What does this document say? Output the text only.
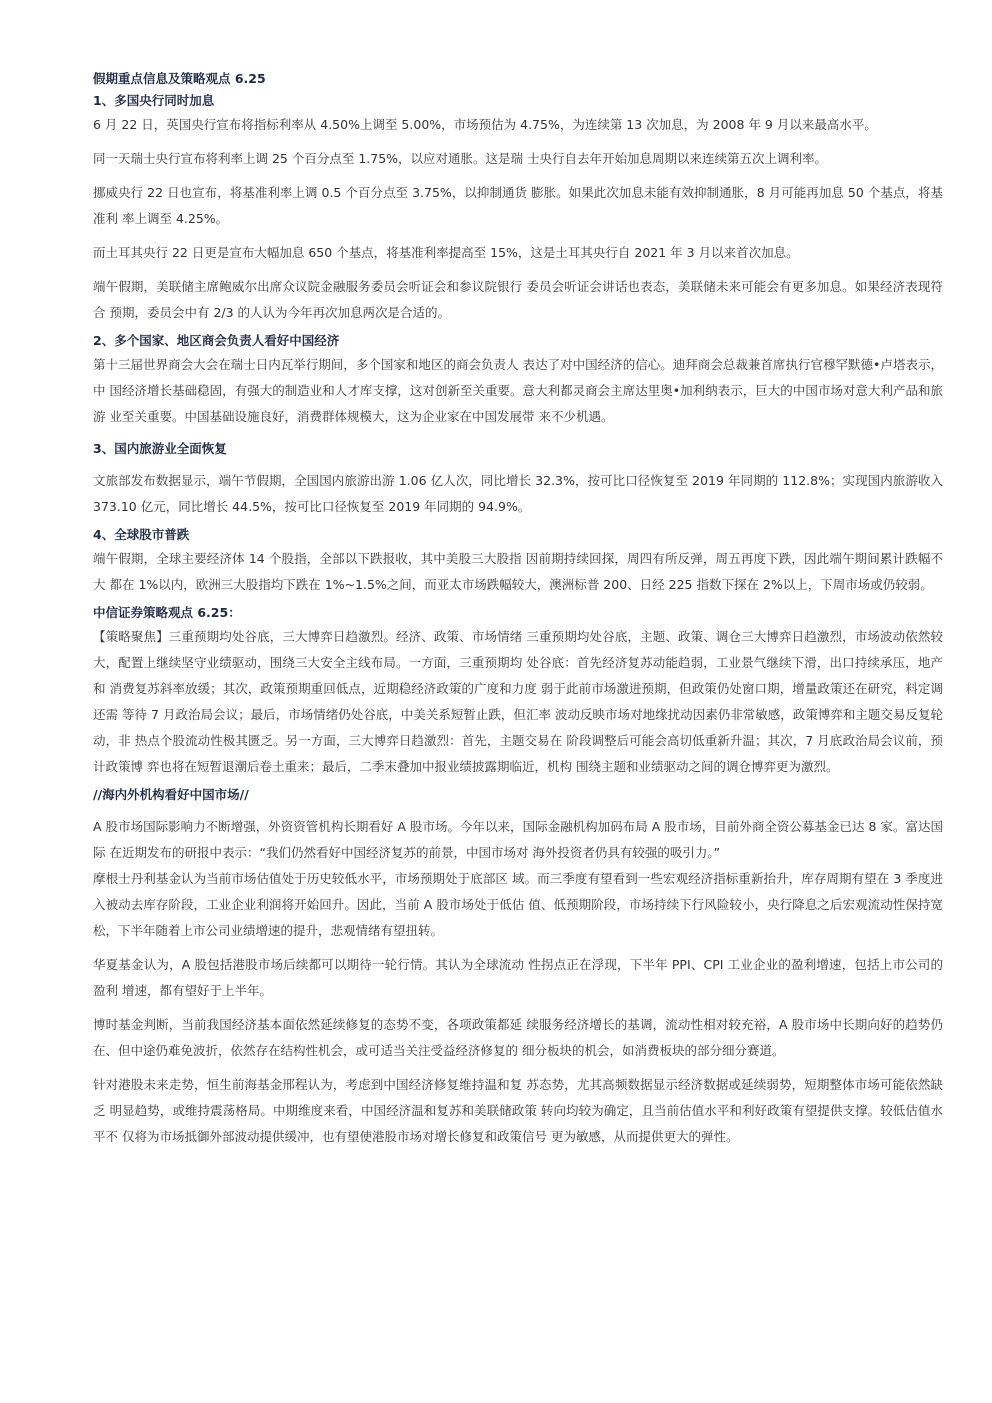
假期重点信息及策略观点 6.25
1、多国央行同时加息

6 月 22 日，英国央行宣布将指标利率从 4.50%上调至 5.00%，市场预估为 4.75%，为连续第 13 次加息，为 2008 年 9 月以来最高水平。

同一天瑞士央行宣布将利率上调 25 个百分点至 1.75%，以应对通胀。这是瑞 士央行自去年开始加息周期以来连续第五次上调利率。

挪威央行 22 日也宣布，将基准利率上调 0.5 个百分点至 3.75%，以抑制通货 膨胀。如果此次加息未能有效抑制通胀，8 月可能再加息 50 个基点，将基准利 率上调至 4.25%。

而土耳其央行 22 日更是宣布大幅加息 650 个基点，将基准利率提高至 15%，这是土耳其央行自 2021 年 3 月以来首次加息。

端午假期，美联储主席鲍威尔出席众议院金融服务委员会听证会和参议院银行 委员会听证会讲话也表态，美联储未来可能会有更多加息。如果经济表现符合 预期，委员会中有 2/3 的人认为今年再次加息两次是合适的。

2、多个国家、地区商会负责人看好中国经济

第十三届世界商会大会在瑞士日内瓦举行期间，多个国家和地区的商会负责人 表达了对中国经济的信心。迪拜商会总裁兼首席执行官穆罕默德•卢塔表示，中 国经济增长基础稳固，有强大的制造业和人才库支撑，这对创新至关重要。意大利都灵商会主席达里奥•加利纳表示，巨大的中国市场对意大利产品和旅游 业至关重要。中国基础设施良好，消费群体规模大，这为企业家在中国发展带 来不少机遇。

3、国内旅游业全面恢复

文旅部发布数据显示，端午节假期，全国国内旅游出游 1.06 亿人次，同比增长 32.3%，按可比口径恢复至 2019 年同期的 112.8%；实现国内旅游收入 373.10 亿元，同比增长 44.5%，按可比口径恢复至 2019 年同期的 94.9%。

4、全球股市普跌

端午假期，全球主要经济体 14 个股指，全部以下跌报收，其中美股三大股指 因前期持续回探，周四有所反弹，周五再度下跌，因此端午期间累计跌幅不大 都在 1%以内，欧洲三大股指均下跌在 1%~1.5%之间，而亚太市场跌幅较大，澳洲标普 200、日经 225 指数下探在 2%以上，下周市场或仍较弱。

中信证券策略观点 6.25：

【策略聚焦】三重预期均处谷底，三大博弈日趋激烈。经济、政策、市场情绪 三重预期均处谷底，主题、政策、调仓三大博弈日趋激烈，市场波动依然较 大，配置上继续坚守业绩驱动，围绕三大安全主线布局。一方面，三重预期均 处谷底：首先经济复苏动能趋弱，工业景气继续下滑，出口持续承压，地产和 消费复苏斜率放缓；其次，政策预期重回低点，近期稳经济政策的广度和力度 弱于此前市场激进预期，但政策仍处窗口期，增量政策还在研究，料定调还需 等待 7 月政治局会议；最后，市场情绪仍处谷底，中美关系短暂止跌，但汇率 波动反映市场对地缘扰动因素仍非常敏感，政策博弈和主题交易反复轮动，非 热点个股流动性极其匮乏。另一方面，三大博弈日趋激烈：首先，主题交易在 阶段调整后可能会高切低重新升温；其次，7 月底政治局会议前，预计政策博 弈也将在短暂退潮后卷土重来；最后，二季末叠加中报业绩披露期临近，机构 围绕主题和业绩驱动之间的调仓博弈更为激烈。

//海内外机构看好中国市场//

A 股市场国际影响力不断增强，外资资管机构长期看好 A 股市场。今年以来，国际金融机构加码布局 A 股市场，目前外商全资公募基金已达 8 家。富达国际 在近期发布的研报中表示：“我们仍然看好中国经济复苏的前景，中国市场对 海外投资者仍具有较强的吸引力。”

摩根士丹利基金认为当前市场估值处于历史较低水平，市场预期处于底部区 域。而三季度有望看到一些宏观经济指标重新抬升，库存周期有望在 3 季度进 入被动去库存阶段，工业企业利润将开始回升。因此，当前 A 股市场处于低估 值、低预期阶段，市场持续下行风险较小，央行降息之后宏观流动性保持宽 松，下半年随着上市公司业绩增速的提升，悲观情绪有望扭转。

华夏基金认为，A 股包括港股市场后续都可以期待一轮行情。其认为全球流动 性拐点正在浮现，下半年 PPI、CPI 工业企业的盈利增速，包括上市公司的盈利 增速，都有望好于上半年。

博时基金判断，当前我国经济基本面依然延续修复的态势不变，各项政策都延 续服务经济增长的基调，流动性相对较充裕，A 股市场中长期向好的趋势仍 在、但中途仍难免波折，依然存在结构性机会，或可适当关注受益经济修复的 细分板块的机会，如消费板块的部分细分赛道。

针对港股未来走势，恒生前海基金邢程认为，考虑到中国经济修复维持温和复 苏态势，尤其高频数据显示经济数据或延续弱势，短期整体市场可能依然缺乏 明显趋势，或维持震荡格局。中期维度来看，中国经济温和复苏和美联储政策 转向均较为确定，且当前估值水平和利好政策有望提供支撑。较低估值水平不 仅将为市场抵御外部波动提供缓冲，也有望使港股市场对增长修复和政策信号 更为敏感，从而提供更大的弹性。
